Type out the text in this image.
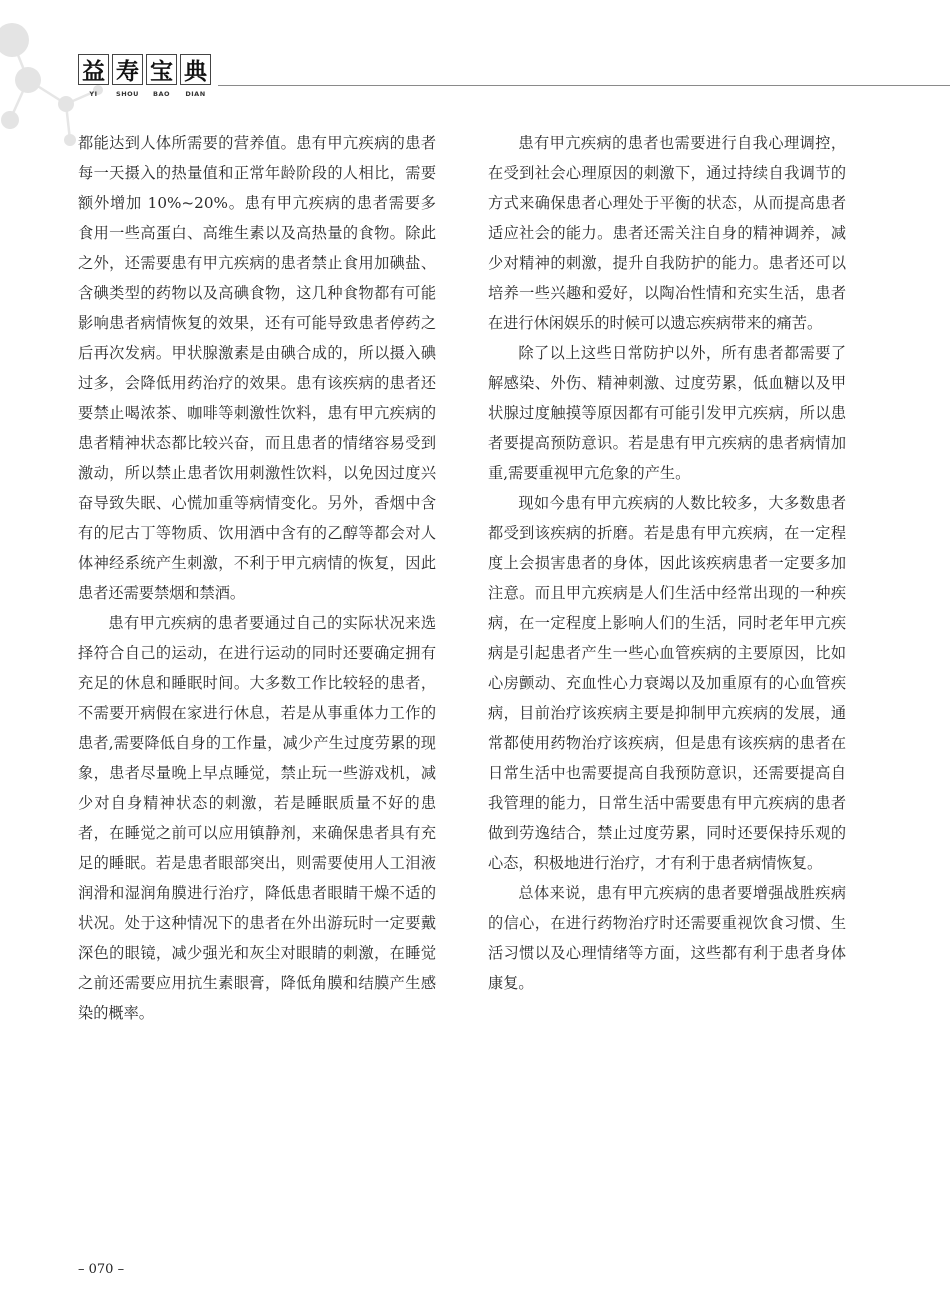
益 寿 宝 典
YI	SHOU	BAO	DIAN

都能达到人体所需要的营养值。患有甲亢疾病的患者每一天摄入的热量值和正常年龄阶段的人相比，需要额外增加 10%~20%。患有甲亢疾病的患者需要多食用一些高蛋白、高维生素以及高热量的食物。除此之外，还需要患有甲亢疾病的患者禁止食用加碘盐、含碘类型的药物以及高碘食物，这几种食物都有可能影响患者病情恢复的效果，还有可能导致患者停药之后再次发病。甲状腺激素是由碘合成的，所以摄入碘过多，会降低用药治疗的效果。患有该疾病的患者还要禁止喝浓茶、咖啡等刺激性饮料，患有甲亢疾病的患者精神状态都比较兴奋，而且患者的情绪容易受到激动，所以禁止患者饮用刺激性饮料，以免因过度兴奋导致失眠、心慌加重等病情变化。另外，香烟中含有的尼古丁等物质、饮用酒中含有的乙醇等都会对人体神经系统产生刺激，不利于甲亢病情的恢复，因此患者还需要禁烟和禁酒。

患有甲亢疾病的患者要通过自己的实际状况来选择符合自己的运动，在进行运动的同时还要确定拥有充足的休息和睡眠时间。大多数工作比较轻的患者，不需要开病假在家进行休息，若是从事重体力工作的患者,需要降低自身的工作量，减少产生过度劳累的现象，患者尽量晚上早点睡觉，禁止玩一些游戏机，减少对自身精神状态的刺激，若是睡眠质量不好的患者，在睡觉之前可以应用镇静剂，来确保患者具有充足的睡眠。若是患者眼部突出，则需要使用人工泪液润滑和湿润角膜进行治疗，降低患者眼睛干燥不适的状况。处于这种情况下的患者在外出游玩时一定要戴深色的眼镜，减少强光和灰尘对眼睛的刺激，在睡觉之前还需要应用抗生素眼膏，降低角膜和结膜产生感染的概率。

患有甲亢疾病的患者也需要进行自我心理调控，在受到社会心理原因的刺激下，通过持续自我调节的方式来确保患者心理处于平衡的状态，从而提高患者适应社会的能力。患者还需关注自身的精神调养，减少对精神的刺激，提升自我防护的能力。患者还可以培养一些兴趣和爱好，以陶冶性情和充实生活，患者在进行休闲娱乐的时候可以遗忘疾病带来的痛苦。

除了以上这些日常防护以外，所有患者都需要了解感染、外伤、精神刺激、过度劳累，低血糖以及甲状腺过度触摸等原因都有可能引发甲亢疾病，所以患者要提高预防意识。若是患有甲亢疾病的患者病情加重,需要重视甲亢危象的产生。

现如今患有甲亢疾病的人数比较多，大多数患者都受到该疾病的折磨。若是患有甲亢疾病，在一定程度上会损害患者的身体，因此该疾病患者一定要多加注意。而且甲亢疾病是人们生活中经常出现的一种疾病，在一定程度上影响人们的生活，同时老年甲亢疾病是引起患者产生一些心血管疾病的主要原因，比如心房颤动、充血性心力衰竭以及加重原有的心血管疾病，目前治疗该疾病主要是抑制甲亢疾病的发展，通常都使用药物治疗该疾病，但是患有该疾病的患者在日常生活中也需要提高自我预防意识，还需要提高自我管理的能力，日常生活中需要患有甲亢疾病的患者做到劳逸结合，禁止过度劳累，同时还要保持乐观的心态，积极地进行治疗，才有利于患者病情恢复。

总体来说，患有甲亢疾病的患者要增强战胜疾病的信心，在进行药物治疗时还需要重视饮食习惯、生活习惯以及心理情绪等方面，这些都有利于患者身体康复。

– 070 –
